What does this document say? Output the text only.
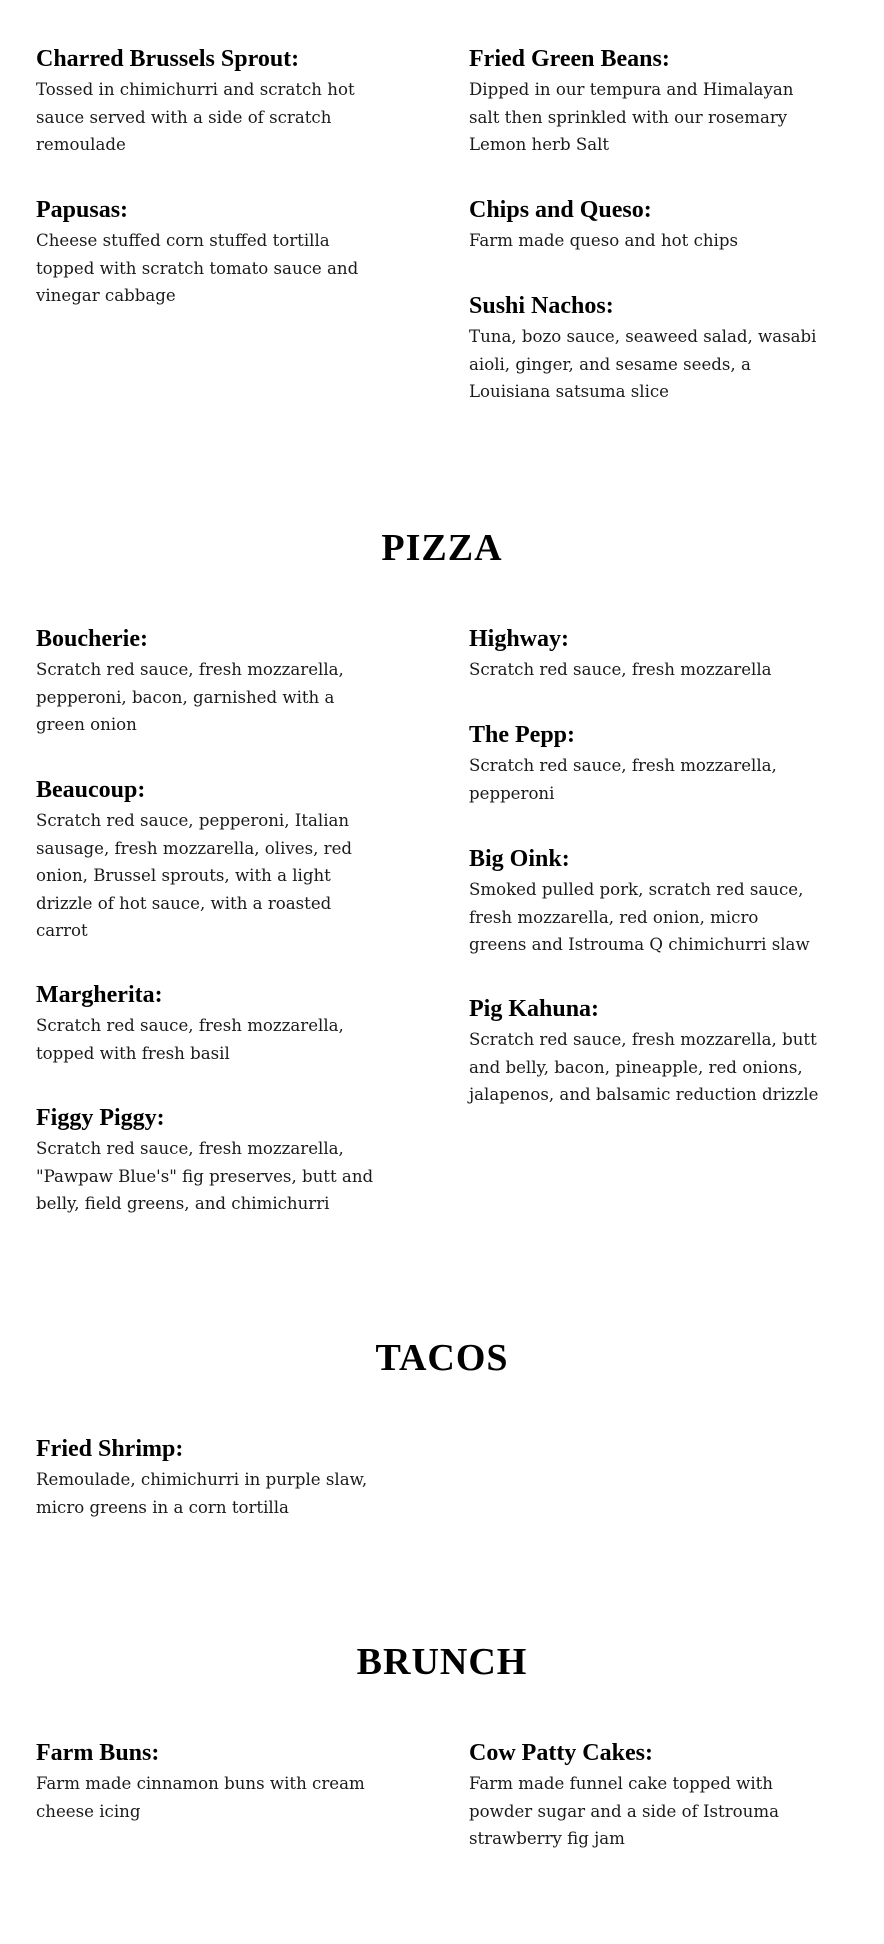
Charred Brussels Sprout:

Tossed in chimichurri and scratch hot sauce served with a side of scratch remoulade

Fried Green Beans:

Dipped in our tempura and Himalayan salt then sprinkled with our rosemary Lemon herb Salt

Papusas:

Cheese stuffed corn stuffed tortilla topped with scratch tomato sauce and vinegar cabbage

Chips and Queso:

Farm made queso and hot chips

Sushi Nachos:

Tuna, bozo sauce, seaweed salad, wasabi aioli, ginger, and sesame seeds, a Louisiana satsuma slice

PIZZA
Boucherie:

Scratch red sauce, fresh mozzarella, pepperoni, bacon, garnished with a green onion

Highway:

Scratch red sauce, fresh mozzarella

The Pepp:

Scratch red sauce, fresh mozzarella, pepperoni

Beaucoup:

Scratch red sauce, pepperoni, Italian sausage, fresh mozzarella, olives, red onion, Brussel sprouts, with a light drizzle of hot sauce, with a roasted carrot

Big Oink:

Smoked pulled pork, scratch red sauce, fresh mozzarella, red onion, micro greens and Istrouma Q chimichurri slaw

Margherita:

Scratch red sauce, fresh mozzarella, topped with fresh basil

Pig Kahuna:

Scratch red sauce, fresh mozzarella, butt and belly, bacon, pineapple, red onions, jalapenos, and balsamic reduction drizzle

Figgy Piggy:

Scratch red sauce, fresh mozzarella, "Pawpaw Blue's" fig preserves, butt and belly, field greens, and chimichurri

TACOS
Fried Shrimp:

Remoulade, chimichurri in purple slaw, micro greens in a corn tortilla

BRUNCH
Farm Buns:

Farm made cinnamon buns with cream cheese icing

Cow Patty Cakes:

Farm made funnel cake topped with powder sugar and a side of Istrouma strawberry fig jam
